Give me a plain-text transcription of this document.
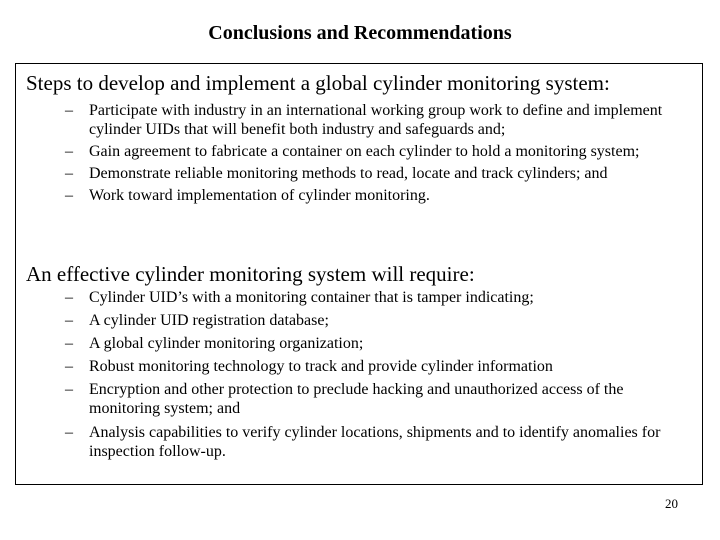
Conclusions and Recommendations
Steps to develop and implement a global cylinder monitoring system:
– Participate with industry in an international working group work to define and implement cylinder UIDs that will benefit both industry and safeguards and;
– Gain agreement to fabricate a container on each cylinder to hold a monitoring system;
– Demonstrate reliable monitoring methods to read, locate and track cylinders; and
– Work toward implementation of cylinder monitoring.
An effective cylinder monitoring system will require:
– Cylinder UID’s with a monitoring container that is tamper indicating;
– A cylinder UID registration database;
– A global cylinder monitoring organization;
– Robust monitoring technology to track and provide cylinder information
– Encryption and other protection to preclude hacking and unauthorized access of the monitoring system; and
– Analysis capabilities to verify cylinder locations, shipments and to identify anomalies for inspection follow-up.
20
